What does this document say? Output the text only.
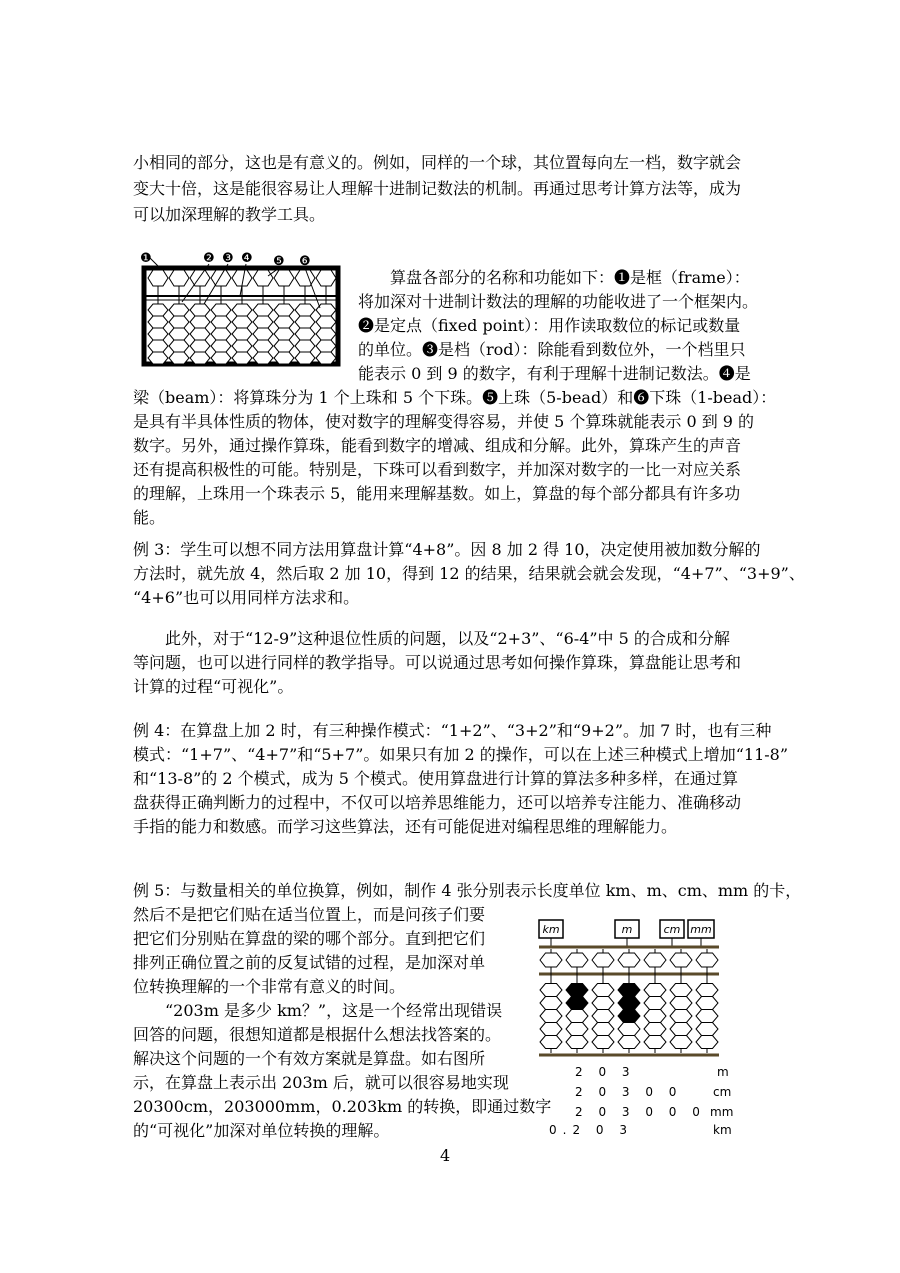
小相同的部分，这也是有意义的。例如，同样的一个球，其位置每向左一档，数字就会
变大十倍，这是能很容易让人理解十进制记数法的机制。再通过思考计算方法等，成为
可以加深理解的教学工具。
❶	❷ ❸ ❹ ❺ ❻
　　算盘各部分的名称和功能如下：❶是框（frame）：
将加深对十进制计数法的理解的功能收进了一个框架内。
❷是定点（fixed point）：用作读取数位的标记或数量
的单位。❸是档（rod）：除能看到数位外，一个档里只
能表示 0 到 9 的数字，有利于理解十进制记数法。❹是
梁（beam）：将算珠分为 1 个上珠和 5 个下珠。❺上珠（5-bead）和❻下珠（1-bead）：
是具有半具体性质的物体，使对数字的理解变得容易，并使 5 个算珠就能表示 0 到 9 的
数字。另外，通过操作算珠，能看到数字的增减、组成和分解。此外，算珠产生的声音
还有提高积极性的可能。特别是，下珠可以看到数字，并加深对数字的一比一对应关系
的理解，上珠用一个珠表示 5，能用来理解基数。如上，算盘的每个部分都具有许多功
能。
例 3：学生可以想不同方法用算盘计算“4+8”。因 8 加 2 得 10，决定使用被加数分解的
方法时，就先放 4，然后取 2 加 10，得到 12 的结果，结果就会就会发现，“4+7”、“3+9”、
“4+6”也可以用同样方法求和。
　　此外，对于“12-9”这种退位性质的问题，以及“2+3”、“6-4”中 5 的合成和分解
等问题，也可以进行同样的教学指导。可以说通过思考如何操作算珠，算盘能让思考和
计算的过程“可视化”。
例 4：在算盘上加 2 时，有三种操作模式：“1+2”、“3+2”和“9+2”。加 7 时，也有三种
模式：“1+7”、“4+7”和“5+7”。如果只有加 2 的操作，可以在上述三种模式上增加“11-8”
和“13-8”的 2 个模式，成为 5 个模式。使用算盘进行计算的算法多种多样，在通过算
盘获得正确判断力的过程中，不仅可以培养思维能力，还可以培养专注能力、准确移动
手指的能力和数感。而学习这些算法，还有可能促进对编程思维的理解能力。
例 5：与数量相关的单位换算，例如，制作 4 张分别表示长度单位 km、m、cm、mm 的卡，
然后不是把它们贴在适当位置上，而是问孩子们要
把它们分别贴在算盘的梁的哪个部分。直到把它们
排列正确位置之前的反复试错的过程，是加深对单
位转换理解的一个非常有意义的时间。
　　“203m 是多少 km？”，这是一个经常出现错误
回答的问题，很想知道都是根据什么想法找答案的。
解决这个问题的一个有效方案就是算盘。如右图所
示，在算盘上表示出 203m 后，就可以很容易地实现
20300cm，203000mm，0.203km 的转换，即通过数字
的“可视化”加深对单位转换的理解。
km	m	cm mm
2 0 3	m
2 0 3 0 0	cm
2 0 3 0 0 0 mm
0.2 0 3	km
4
